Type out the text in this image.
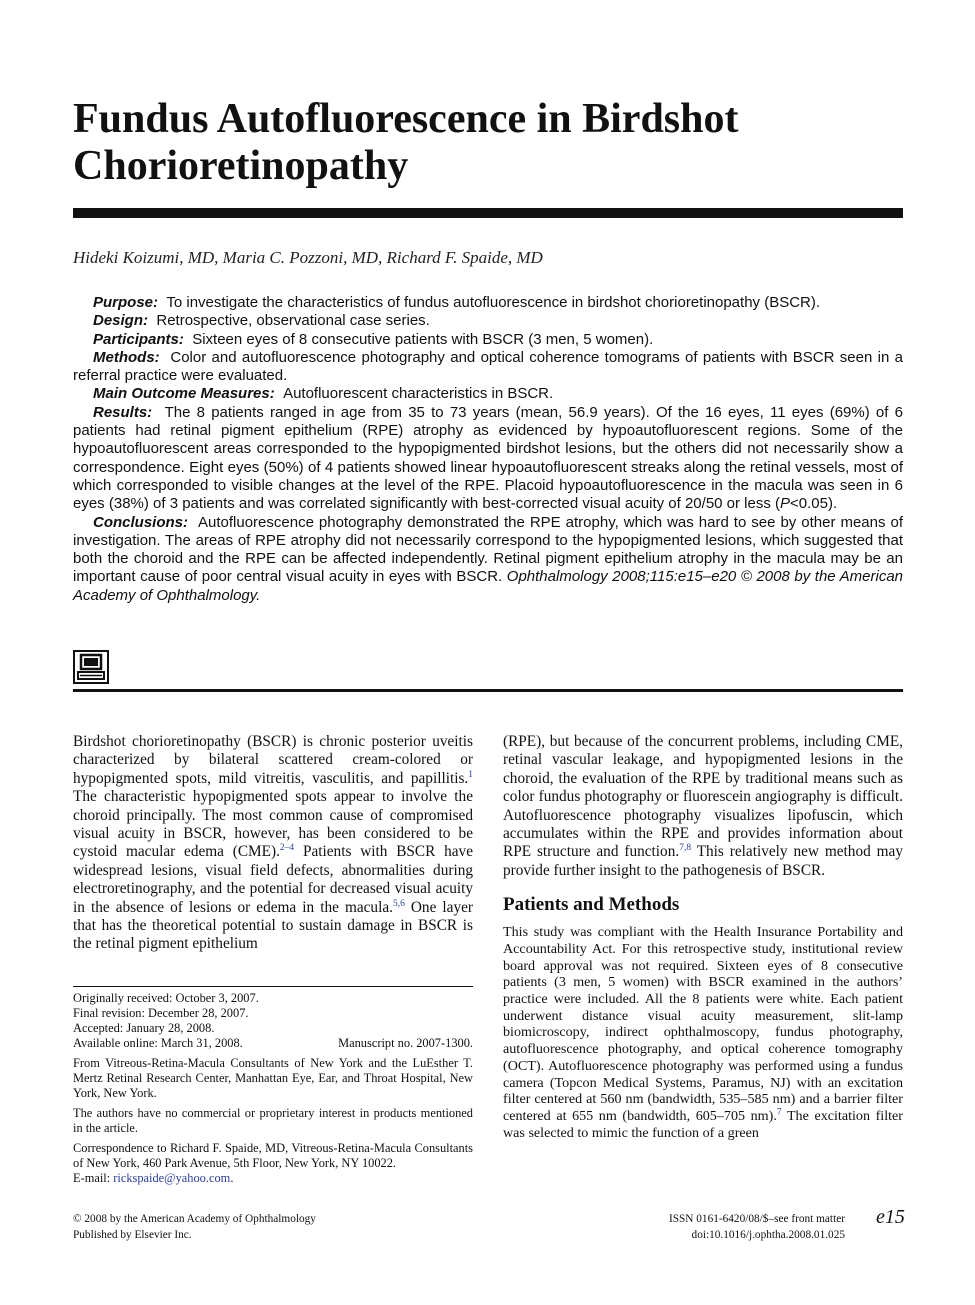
Fundus Autofluorescence in Birdshot Chorioretinopathy
Hideki Koizumi, MD, Maria C. Pozzoni, MD, Richard F. Spaide, MD

Purpose: To investigate the characteristics of fundus autofluorescence in birdshot chorioretinopathy (BSCR).

Design: Retrospective, observational case series.

Participants: Sixteen eyes of 8 consecutive patients with BSCR (3 men, 5 women).

Methods: Color and autofluorescence photography and optical coherence tomograms of patients with BSCR seen in a referral practice were evaluated.

Main Outcome Measures: Autofluorescent characteristics in BSCR.

Results: The 8 patients ranged in age from 35 to 73 years (mean, 56.9 years). Of the 16 eyes, 11 eyes (69%) of 6 patients had retinal pigment epithelium (RPE) atrophy as evidenced by hypoautofluorescent regions. Some of the hypoautofluorescent areas corresponded to the hypopigmented birdshot lesions, but the others did not necessarily show a correspondence. Eight eyes (50%) of 4 patients showed linear hypoautofluorescent streaks along the retinal vessels, most of which corresponded to visible changes at the level of the RPE. Placoid hypoautofluorescence in the macula was seen in 6 eyes (38%) of 3 patients and was correlated significantly with best-corrected visual acuity of 20/50 or less (P<0.05).

Conclusions: Autofluorescence photography demonstrated the RPE atrophy, which was hard to see by other means of investigation. The areas of RPE atrophy did not necessarily correspond to the hypopigmented lesions, which suggested that both the choroid and the RPE can be affected independently. Retinal pigment epithelium atrophy in the macula may be an important cause of poor central visual acuity in eyes with BSCR. Ophthalmology 2008;115:e15–e20 © 2008 by the American Academy of Ophthalmology.

Birdshot chorioretinopathy (BSCR) is chronic posterior uveitis characterized by bilateral scattered cream-colored or hypopigmented spots, mild vitreitis, vasculitis, and papillitis.$^1$ The characteristic hypopigmented spots appear to involve the choroid principally. The most common cause of compromised visual acuity in BSCR, however, has been considered to be cystoid macular edema (CME).$^{2-4}$ Patients with BSCR have widespread lesions, visual field defects, abnormalities during electroretinography, and the potential for decreased visual acuity in the absence of lesions or edema in the macula.$^{5,6}$ One layer that has the theoretical potential to sustain damage in BSCR is the retinal pigment epithelium

Originally received: October 3, 2007.
Final revision: December 28, 2007.
Accepted: January 28, 2008.
Available online: March 31, 2008.	Manuscript no. 2007-1300.

From Vitreous-Retina-Macula Consultants of New York and the LuEsther T. Mertz Retinal Research Center, Manhattan Eye, Ear, and Throat Hospital, New York, New York.

The authors have no commercial or proprietary interest in products mentioned in the article.

Correspondence to Richard F. Spaide, MD, Vitreous-Retina-Macula Consultants of New York, 460 Park Avenue, 5th Floor, New York, NY 10022.
E-mail: rickspaide@yahoo.com.

(RPE), but because of the concurrent problems, including CME, retinal vascular leakage, and hypopigmented lesions in the choroid, the evaluation of the RPE by traditional means such as color fundus photography or fluorescein angiography is difficult. Autofluorescence photography visualizes lipofuscin, which accumulates within the RPE and provides information about RPE structure and function.$^{7,8}$ This relatively new method may provide further insight to the pathogenesis of BSCR.

Patients and Methods

This study was compliant with the Health Insurance Portability and Accountability Act. For this retrospective study, institutional review board approval was not required. Sixteen eyes of 8 consecutive patients (3 men, 5 women) with BSCR examined in the authors’ practice were included. All the 8 patients were white. Each patient underwent distance visual acuity measurement, slit-lamp biomicroscopy, indirect ophthalmoscopy, fundus photography, autofluorescence photography, and optical coherence tomography (OCT). Autofluorescence photography was performed using a fundus camera (Topcon Medical Systems, Paramus, NJ) with an excitation filter centered at 560 nm (bandwidth, 535–585 nm) and a barrier filter centered at 655 nm (bandwidth, 605–705 nm).$^7$ The excitation filter was selected to mimic the function of a green

© 2008 by the American Academy of Ophthalmology
Published by Elsevier Inc.
ISSN 0161-6420/08/$–see front matter
doi:10.1016/j.ophtha.2008.01.025
e15
